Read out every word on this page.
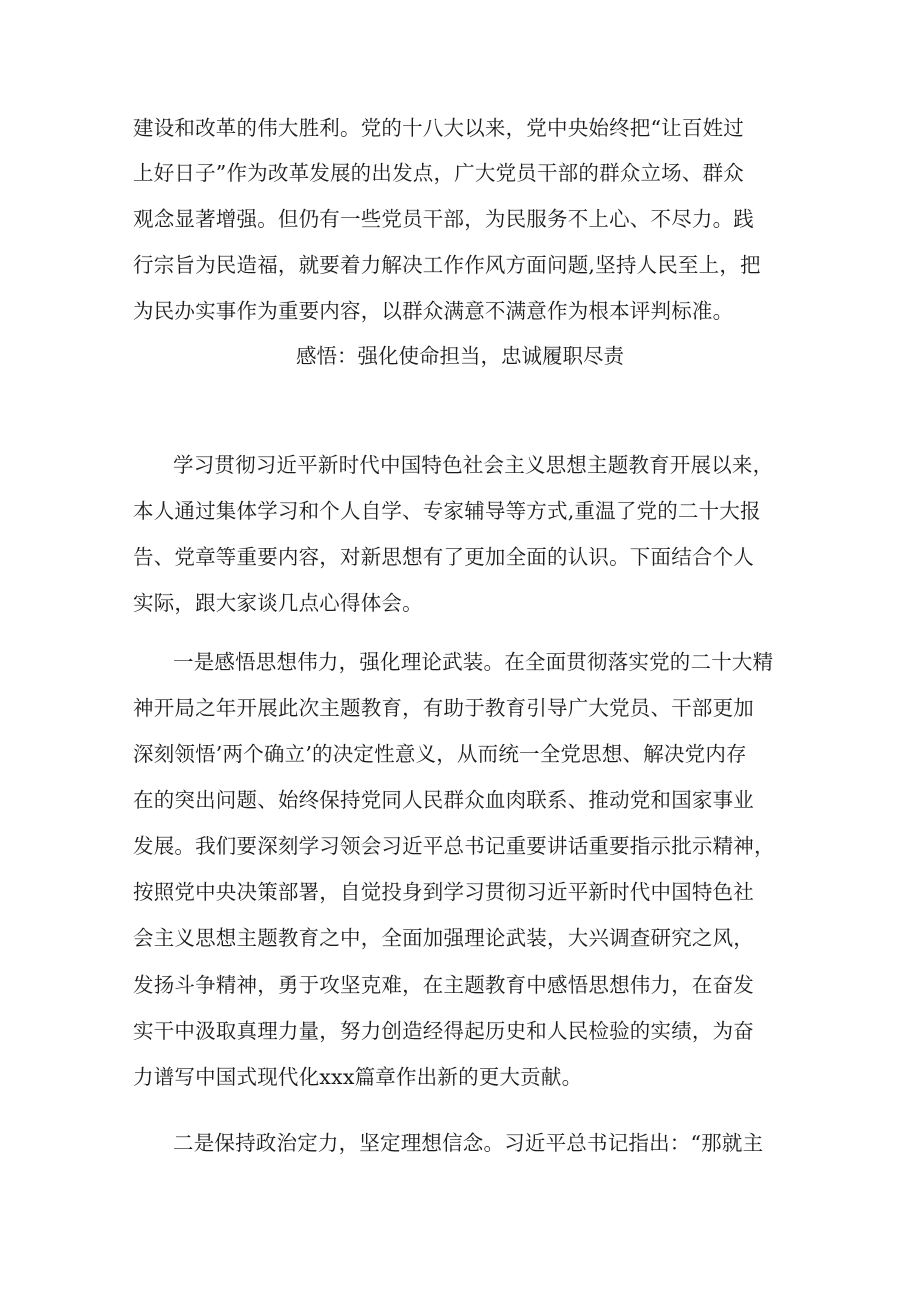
建设和改革的伟大胜利。党的十八大以来，党中央始终把“让百姓过
上好日子”作为改革发展的出发点，广大党员干部的群众立场、群众
观念显著增强。但仍有一些党员干部，为民服务不上心、不尽力。践
行宗旨为民造福，就要着力解决工作作风方面问题,坚持人民至上，把
为民办实事作为重要内容，以群众满意不满意作为根本评判标准。
感悟：强化使命担当，忠诚履职尽责
学习贯彻习近平新时代中国特色社会主义思想主题教育开展以来，
本人通过集体学习和个人自学、专家辅导等方式,重温了党的二十大报
告、党章等重要内容，对新思想有了更加全面的认识。下面结合个人
实际，跟大家谈几点心得体会。
一是感悟思想伟力，强化理论武装。在全面贯彻落实党的二十大精
神开局之年开展此次主题教育，有助于教育引导广大党员、干部更加
深刻领悟’两个确立’的决定性意义，从而统一全党思想、解决党内存
在的突出问题、始终保持党同人民群众血肉联系、推动党和国家事业
发展。我们要深刻学习领会习近平总书记重要讲话重要指示批示精神，
按照党中央决策部署，自觉投身到学习贯彻习近平新时代中国特色社
会主义思想主题教育之中，全面加强理论武装，大兴调查研究之风，
发扬斗争精神，勇于攻坚克难，在主题教育中感悟思想伟力，在奋发
实干中汲取真理力量，努力创造经得起历史和人民检验的实绩，为奋
力谱写中国式现代化xxx篇章作出新的更大贡献。
二是保持政治定力，坚定理想信念。习近平总书记指出：“那就主
